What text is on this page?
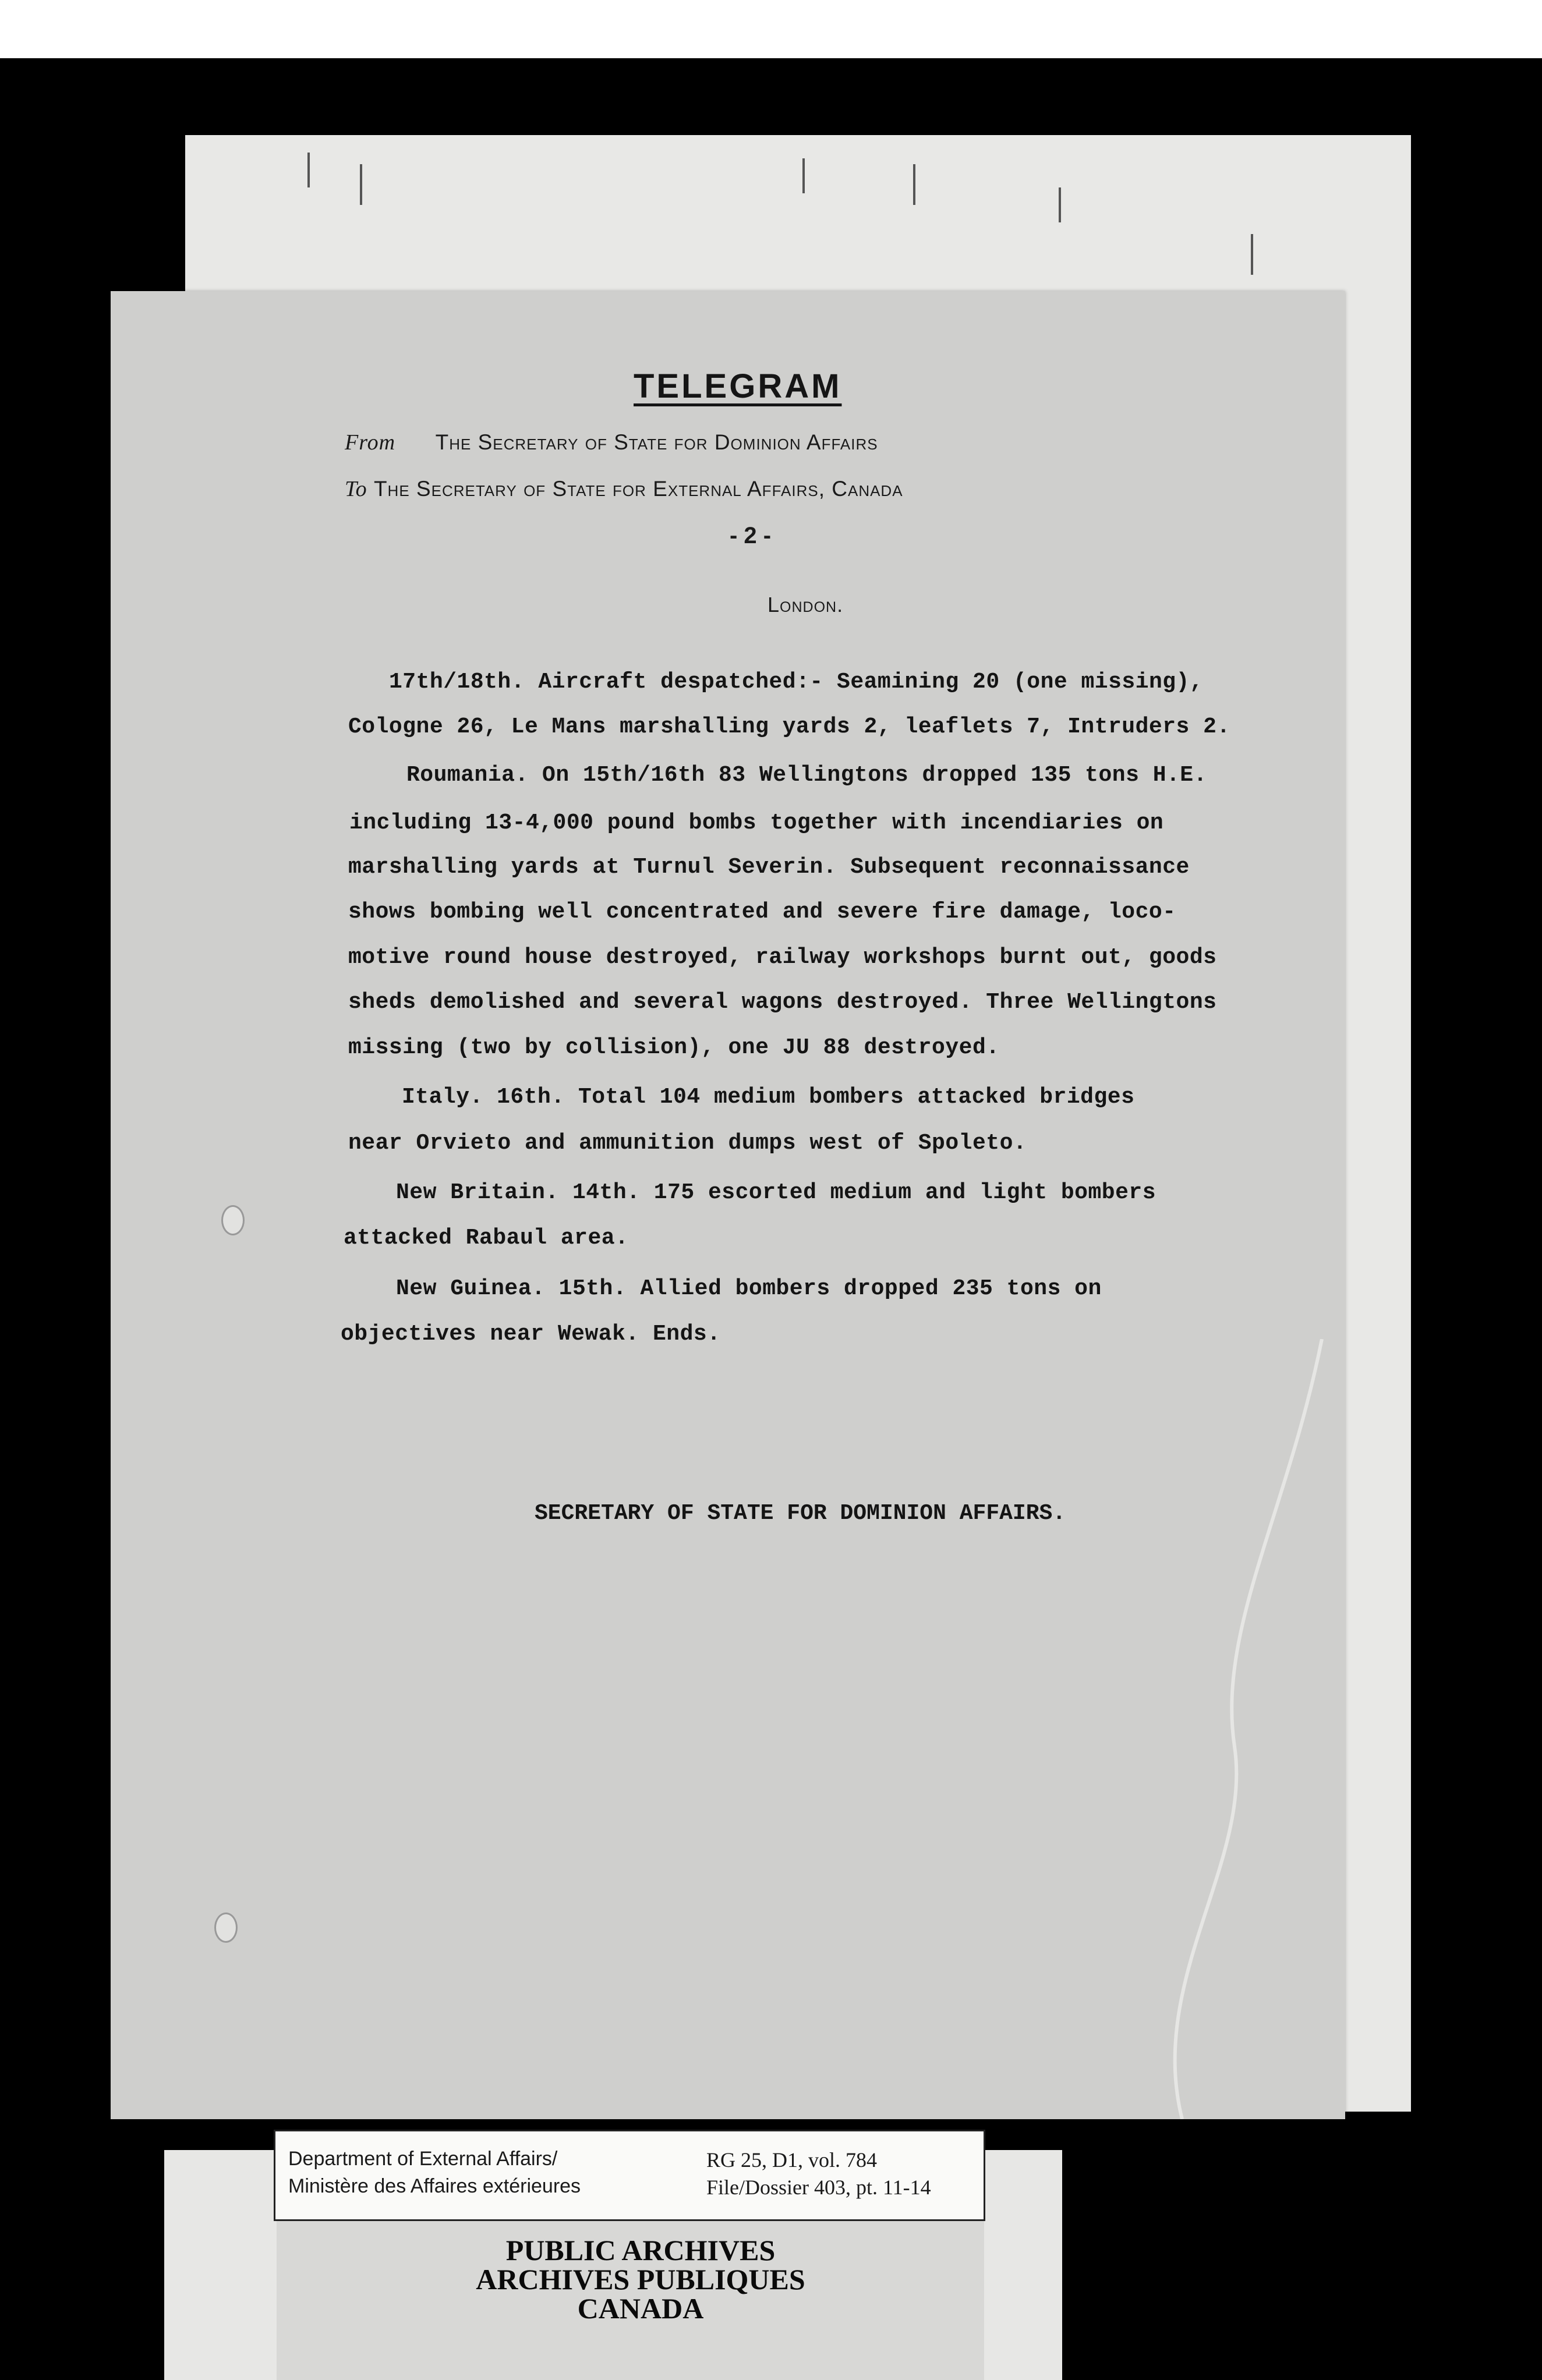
TELEGRAM
From The Secretary of State for Dominion Affairs
To The Secretary of State for External Affairs, Canada
- 2 -
London.
17th/18th. Aircraft despatched:- Seamining 20 (one missing),
Cologne 26, Le Mans marshalling yards 2, leaflets 7, Intruders 2.
Roumania. On 15th/16th 83 Wellingtons dropped 135 tons H.E.
including 13-4,000 pound bombs together with incendiaries on
marshalling yards at Turnul Severin. Subsequent reconnaissance
shows bombing well concentrated and severe fire damage, loco-
motive round house destroyed, railway workshops burnt out, goods
sheds demolished and several wagons destroyed. Three Wellingtons
missing (two by collision), one JU 88 destroyed.
Italy. 16th. Total 104 medium bombers attacked bridges
near Orvieto and ammunition dumps west of Spoleto.
New Britain. 14th. 175 escorted medium and light bombers
attacked Rabaul area.
New Guinea. 15th. Allied bombers dropped 235 tons on
objectives near Wewak. Ends.
SECRETARY OF STATE FOR DOMINION AFFAIRS.
Department of External Affairs/
Ministère des Affaires extérieures
RG 25, D1, vol. 784
File/Dossier 403, pt. 11-14
PUBLIC ARCHIVES
ARCHIVES PUBLIQUES
CANADA
